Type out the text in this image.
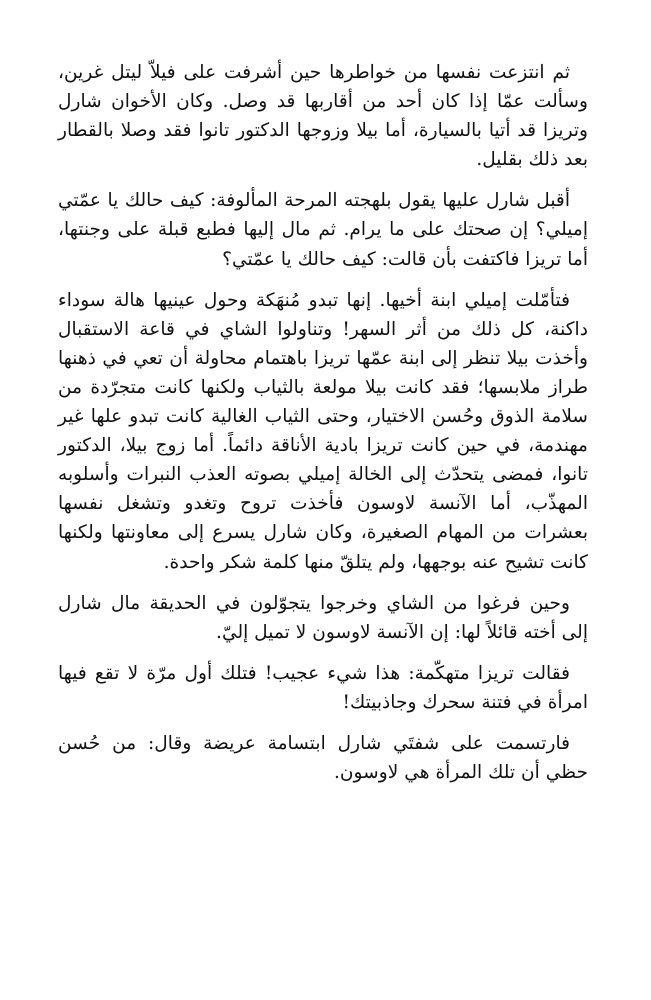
ثم انتزعت نفسها من خواطرها حين أشرفت على فيلاّ ليتل غرين، وسألت عمّا إذا كان أحد من أقاربها قد وصل. وكان الأخوان شارل وتريزا قد أتيا بالسيارة، أما بيلا وزوجها الدكتور تانوا فقد وصلا بالقطار بعد ذلك بقليل.

أقبل شارل عليها يقول بلهجته المرحة المألوفة: كيف حالك يا عمّتي إميلي؟ إن صحتك على ما يرام. ثم مال إليها فطبع قبلة على وجنتها، أما تريزا فاكتفت بأن قالت: كيف حالك يا عمّتي؟

فتأمّلت إميلي ابنة أخيها. إنها تبدو مُنهَكة وحول عينيها هالة سوداء داكنة، كل ذلك من أثر السهر! وتناولوا الشاي في قاعة الاستقبال وأخذت بيلا تنظر إلى ابنة عمّها تريزا باهتمام محاولة أن تعي في ذهنها طراز ملابسها؛ فقد كانت بيلا مولعة بالثياب ولكنها كانت متجرّدة من سلامة الذوق وحُسن الاختيار، وحتى الثياب الغالية كانت تبدو علها غير مهندمة، في حين كانت تريزا بادية الأناقة دائماً. أما زوج بيلا، الدكتور تانوا، فمضى يتحدّث إلى الخالة إميلي بصوته العذب النبرات وأسلوبه المهذّب، أما الآنسة لاوسون فأخذت تروح وتغدو وتشغل نفسها بعشرات من المهام الصغيرة، وكان شارل يسرع إلى معاونتها ولكنها كانت تشيح عنه بوجهها، ولم يتلقّ منها كلمة شكر واحدة.

وحين فرغوا من الشاي وخرجوا يتجوّلون في الحديقة مال شارل إلى أخته قائلاً لها: إن الآنسة لاوسون لا تميل إليّ.

فقالت تريزا متهكّمة: هذا شيء عجيب! فتلك أول مرّة لا تقع فيها امرأة في فتنة سحرك وجاذبيتك!

فارتسمت على شفتَي شارل ابتسامة عريضة وقال: من حُسن حظي أن تلك المرأة هي لاوسون.
